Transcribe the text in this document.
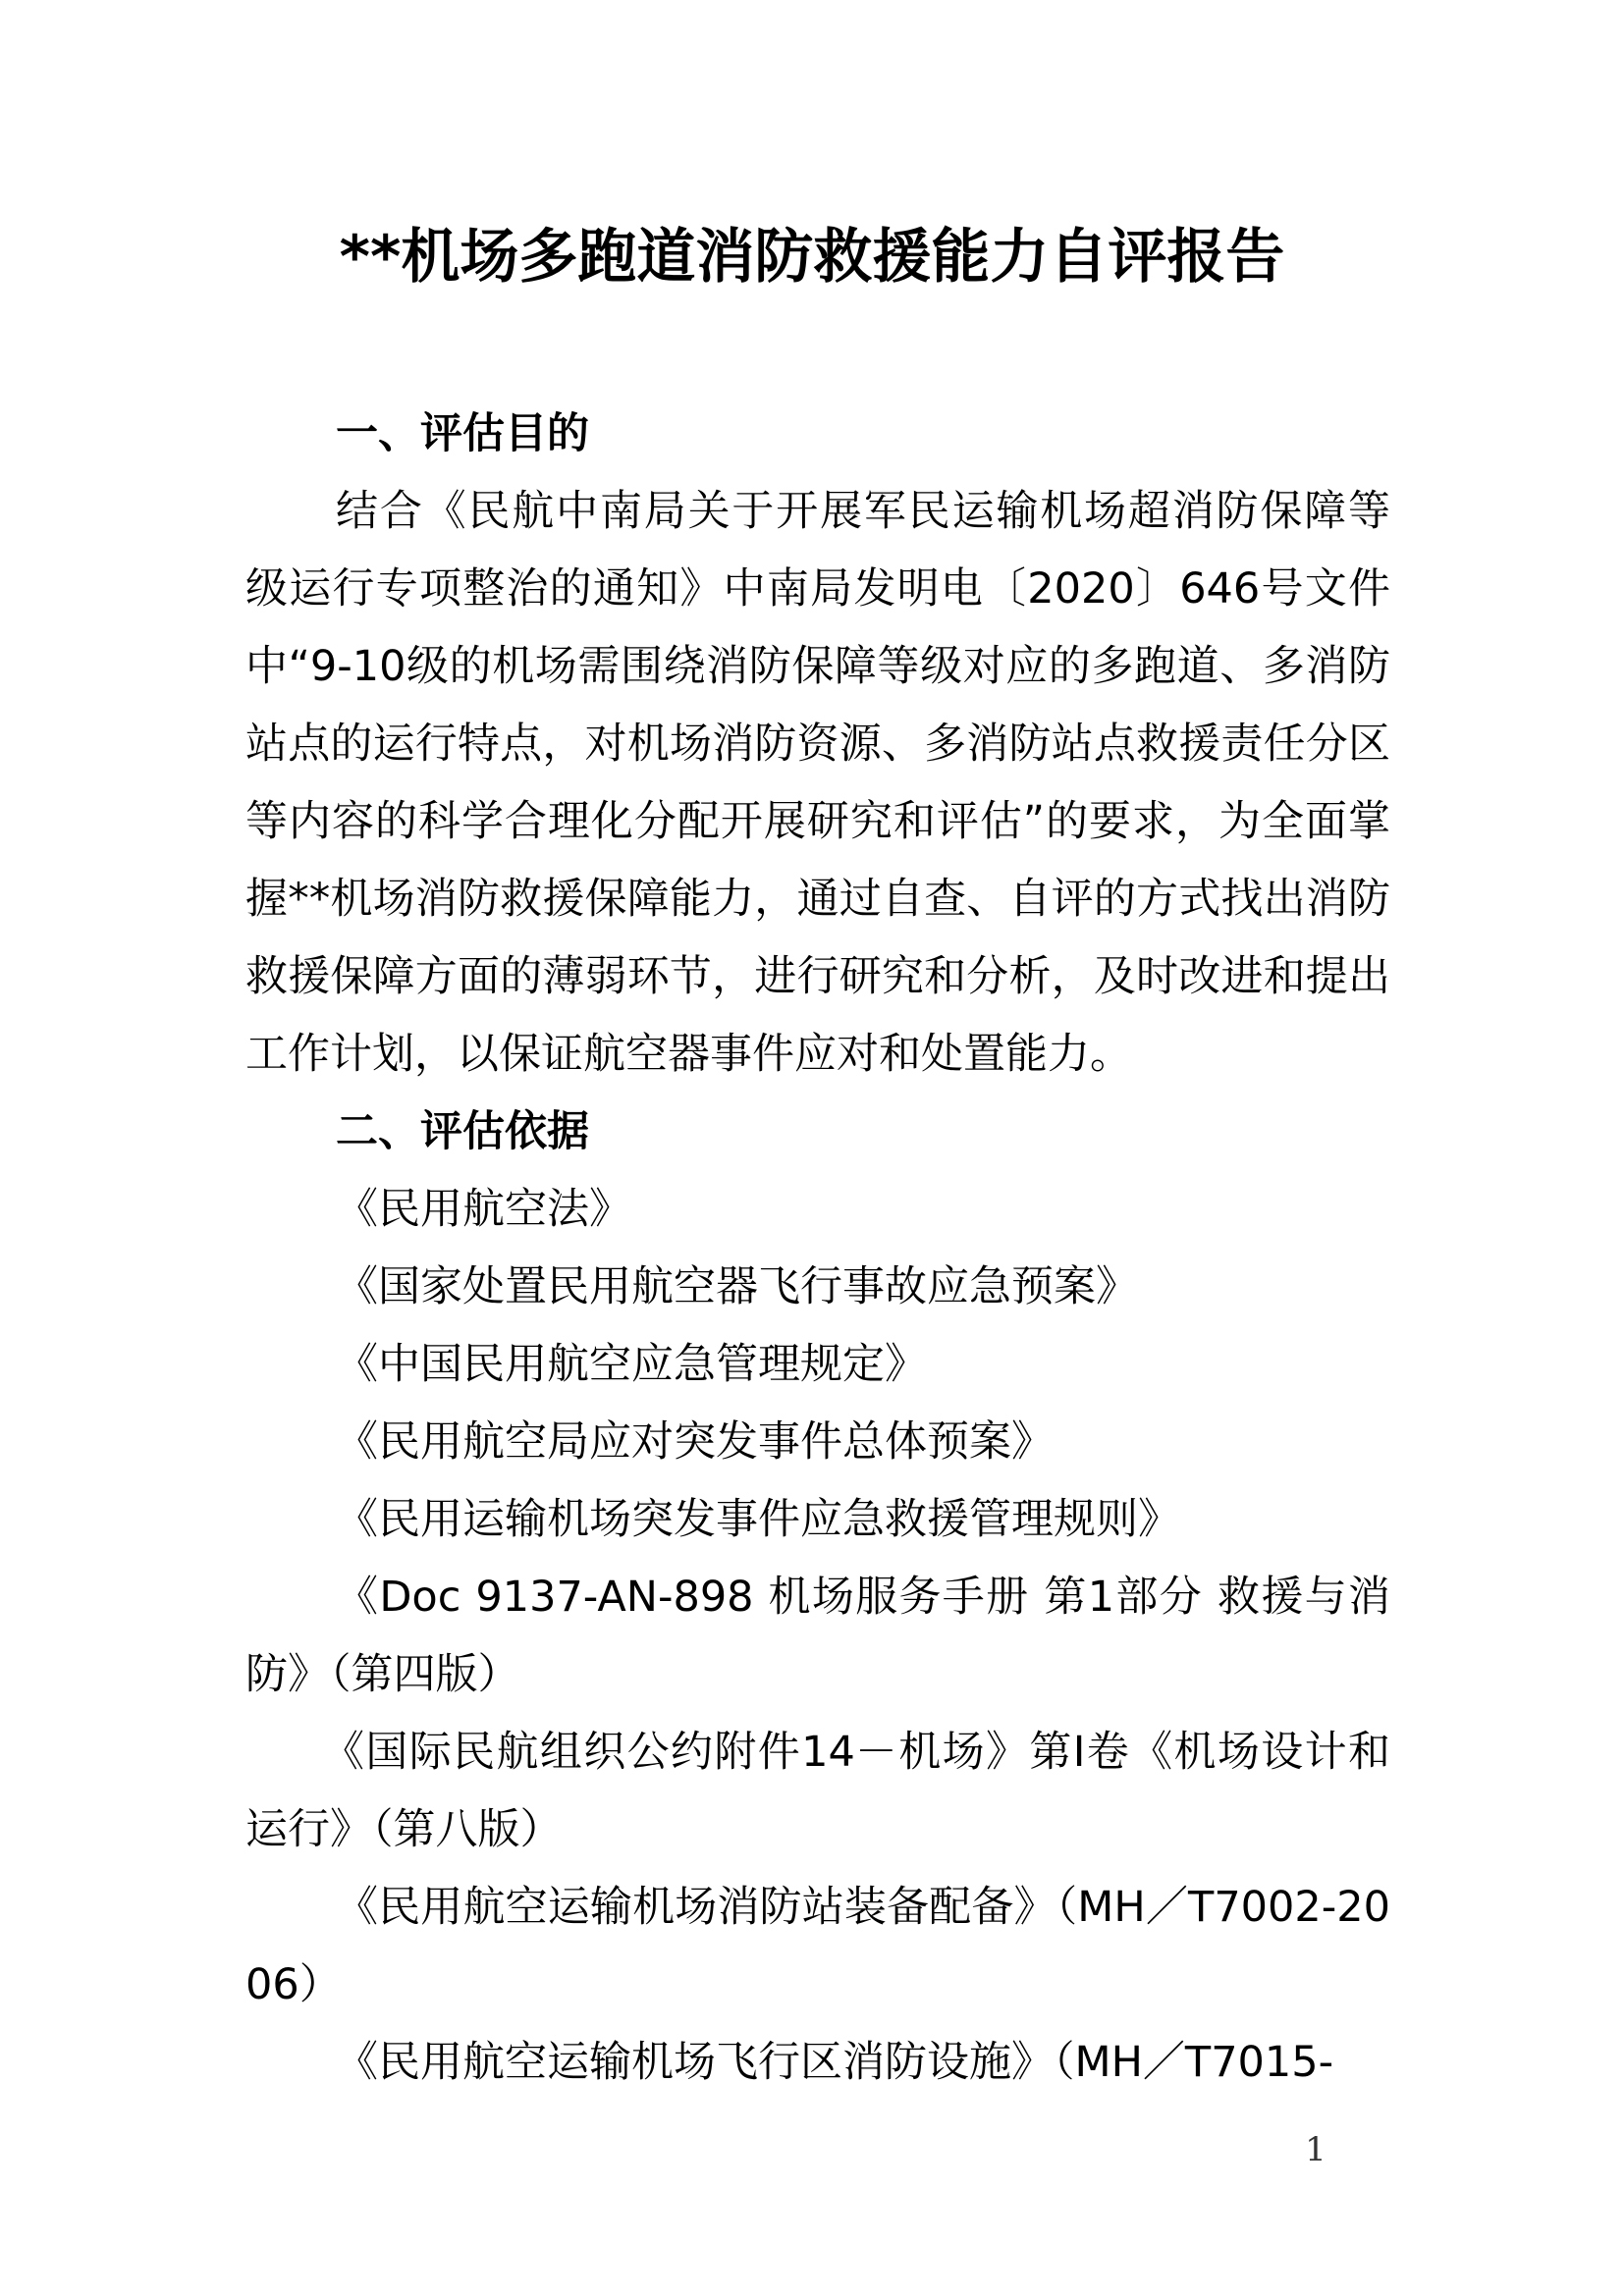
**机场多跑道消防救援能力自评报告

一、评估目的

结合《民航中南局关于开展军民运输机场超消防保障等级运行专项整治的通知》中南局发明电〔2020〕646号文件中“9-10级的机场需围绕消防保障等级对应的多跑道、多消防站点的运行特点，对机场消防资源、多消防站点救援责任分区等内容的科学合理化分配开展研究和评估”的要求，为全面掌握**机场消防救援保障能力，通过自查、自评的方式找出消防救援保障方面的薄弱环节，进行研究和分析，及时改进和提出工作计划，以保证航空器事件应对和处置能力。

二、评估依据

《民用航空法》

《国家处置民用航空器飞行事故应急预案》

《中国民用航空应急管理规定》

《民用航空局应对突发事件总体预案》

《民用运输机场突发事件应急救援管理规则》

《Doc 9137-AN-898 机场服务手册 第1部分 救援与消防》（第四版）

《国际民航组织公约附件14－机场》第Ⅰ卷《机场设计和运行》（第八版）

《民用航空运输机场消防站装备配备》（MH／T7002-2006）

《民用航空运输机场飞行区消防设施》（MH／T7015-

1
